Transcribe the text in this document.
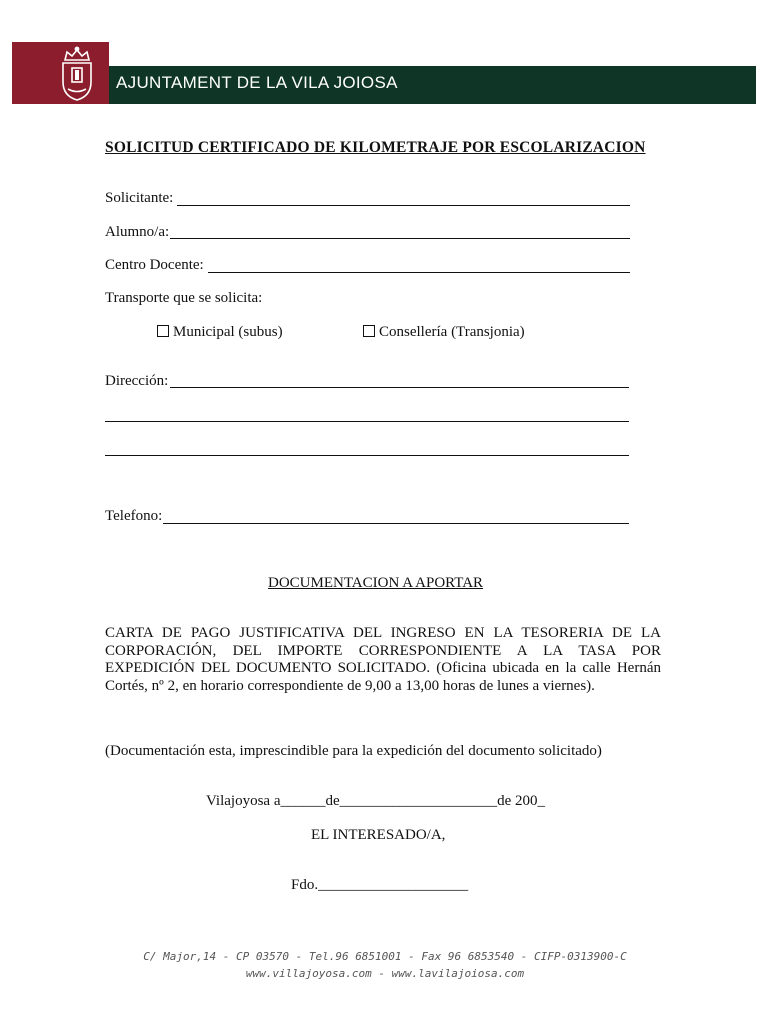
AJUNTAMENT DE LA VILA JOIOSA
SOLICITUD CERTIFICADO DE KILOMETRAJE POR ESCOLARIZACION
Solicitante:
Alumno/a:
Centro Docente:
Transporte que se solicita:
Municipal (subus)	Consellería (Transjonia)
Dirección:
Telefono:
DOCUMENTACION A APORTAR

CARTA DE PAGO JUSTIFICATIVA DEL INGRESO EN LA TESORERIA DE LA CORPORACIÓN, DEL IMPORTE CORRESPONDIENTE A LA TASA POR EXPEDICIÓN DEL DOCUMENTO SOLICITADO. (Oficina ubicada en la calle Hernán Cortés, nº 2, en horario correspondiente de 9,00 a 13,00 horas de lunes a viernes).

(Documentación esta, imprescindible para la expedición del documento solicitado)
Vilajoyosa a______de_____________________de 200_
EL INTERESADO/A,
Fdo.____________________
C/ Major,14 - CP 03570 - Tel.96 6851001 - Fax 96 6853540 - CIFP-0313900-C
www.villajoyosa.com - www.lavilajoiosa.com
